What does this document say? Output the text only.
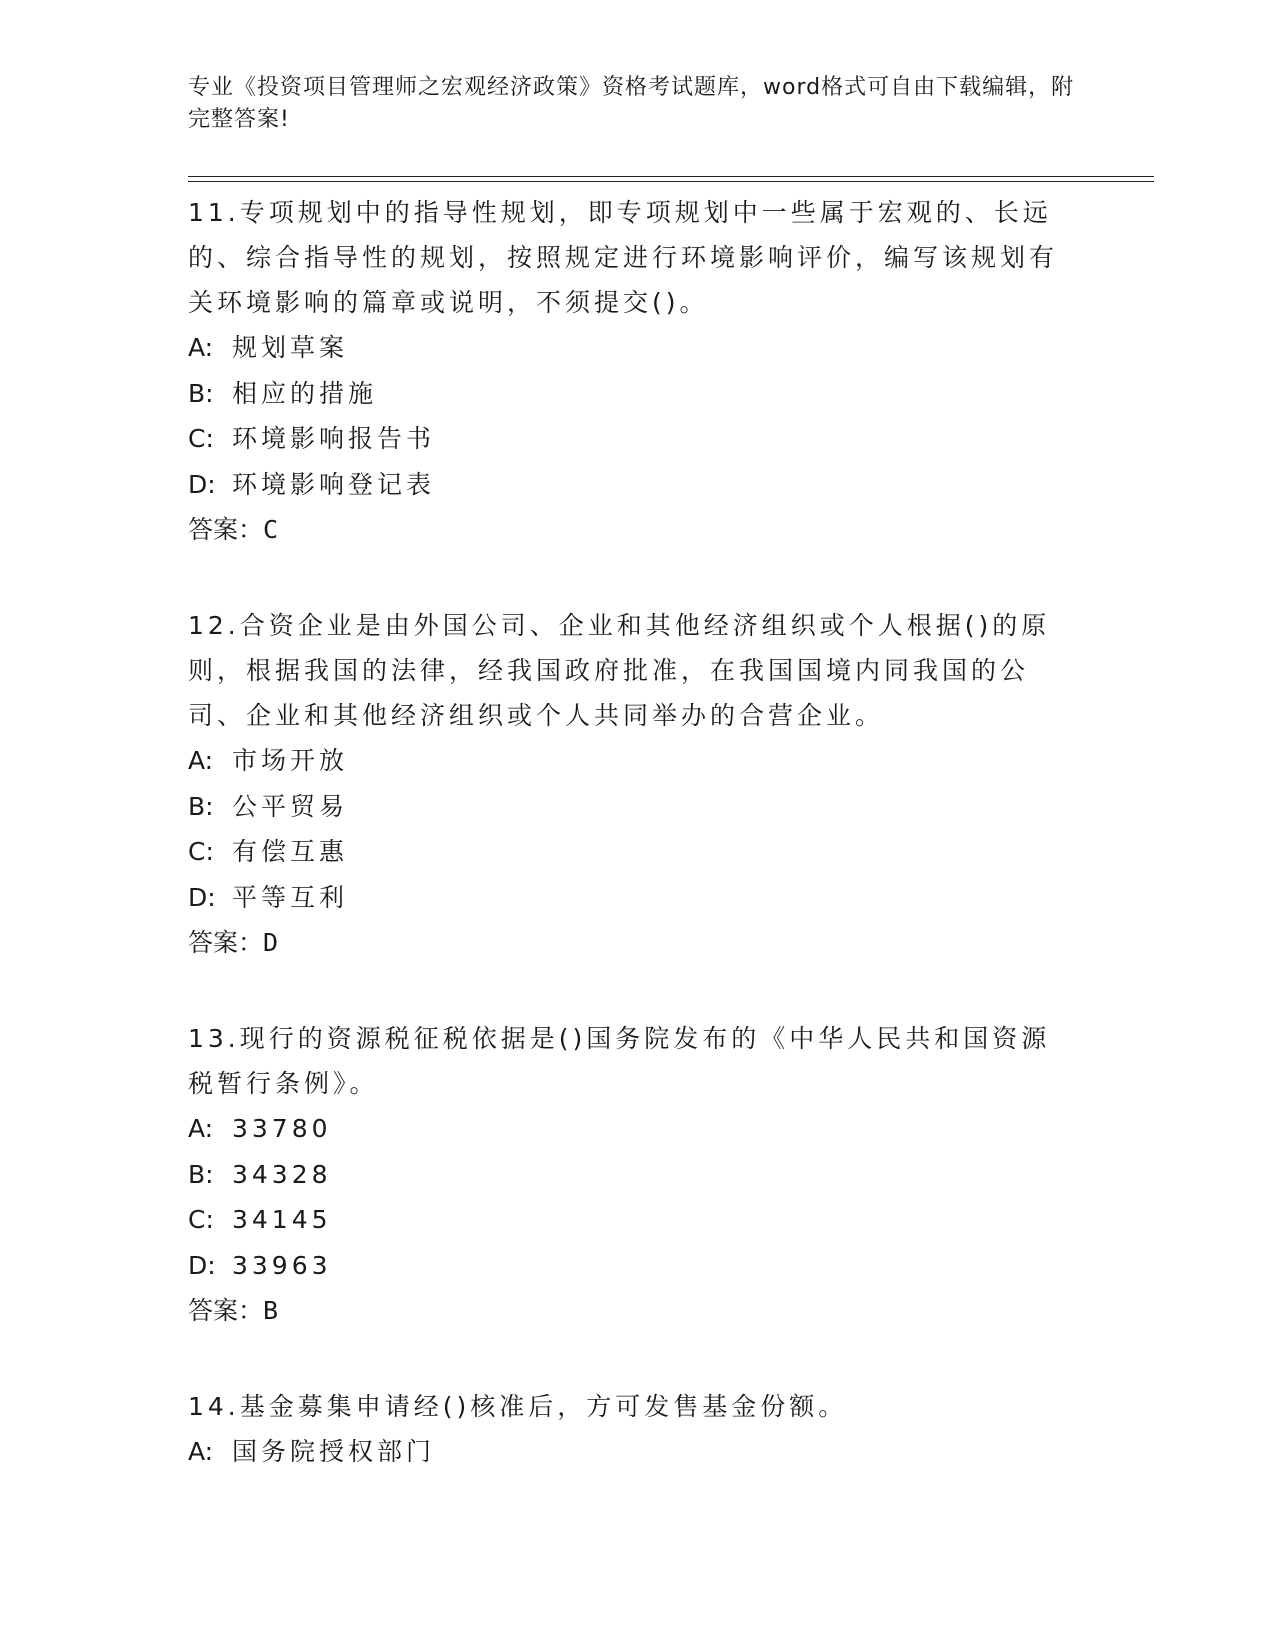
专业《投资项目管理师之宏观经济政策》资格考试题库，word格式可自由下载编辑，附完整答案!
11.专项规划中的指导性规划，即专项规划中一些属于宏观的、长远的、综合指导性的规划，按照规定进行环境影响评价，编写该规划有关环境影响的篇章或说明，不须提交()。
A: 规划草案
B: 相应的措施
C: 环境影响报告书
D: 环境影响登记表
答案：C
12.合资企业是由外国公司、企业和其他经济组织或个人根据()的原则，根据我国的法律，经我国政府批准，在我国国境内同我国的公司、企业和其他经济组织或个人共同举办的合营企业。
A: 市场开放
B: 公平贸易
C: 有偿互惠
D: 平等互利
答案：D
13.现行的资源税征税依据是()国务院发布的《中华人民共和国资源税暂行条例》。
A: 33780
B: 34328
C: 34145
D: 33963
答案：B
14.基金募集申请经()核准后，方可发售基金份额。
A: 国务院授权部门
